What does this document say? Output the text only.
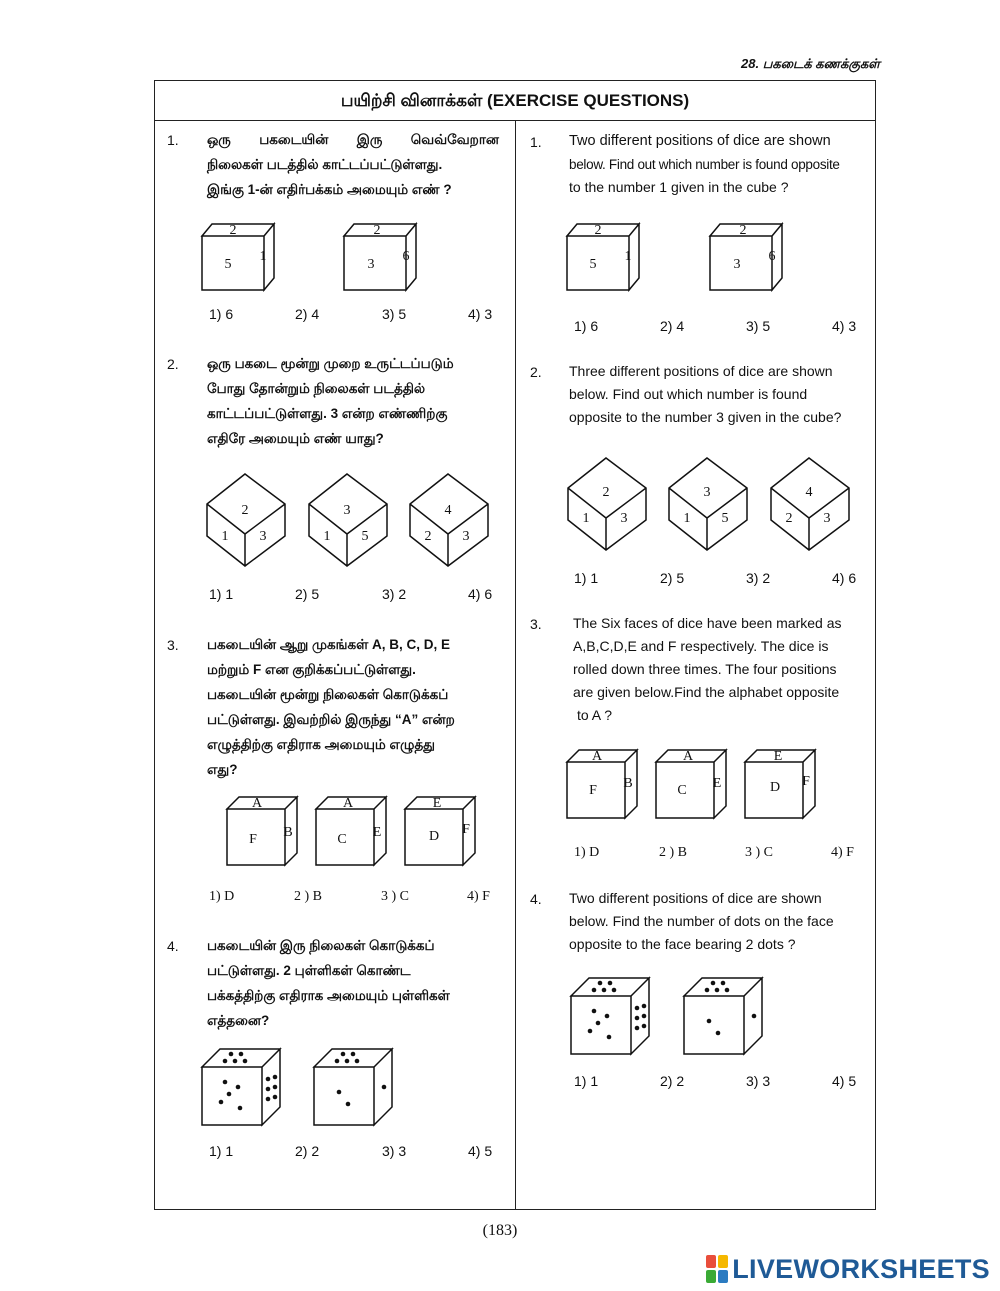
28. பகடைக் கணக்குகள்
பயிற்சி வினாக்கள் (EXERCISE QUESTIONS)
1. ஒரு பகடையின் இரு வெவ்வேறான

நிலைகள் படத்தில் காட்டப்பட்டுள்ளது.

இங்கு 1-ன் எதிர்பக்கம் அமையும் எண் ?

2
5
1
2
3
6
1) 6	2) 4	3) 5	4) 3
2. ஒரு பகடை மூன்று முறை உருட்டப்படும்

போது தோன்றும் நிலைகள் படத்தில்

காட்டப்பட்டுள்ளது. 3 என்ற எண்ணிற்கு

எதிரே அமையும் எண் யாது?

2
1 3
3
1 5
4
2 3
1) 1	2) 5	3) 2	4) 6
3. பகடையின் ஆறு முகங்கள் A, B, C, D, E

மற்றும் F என குறிக்கப்பட்டுள்ளது.

பகடையின் மூன்று நிலைகள் கொடுக்கப்

பட்டுள்ளது. இவற்றில் இருந்து “A” என்ற

எழுத்திற்கு எதிராக அமையும் எழுத்து

எது?

A
F B
A
C E
E
D F
1) D	2 ) B	3 ) C	4) F
4. பகடையின் இரு நிலைகள் கொடுக்கப்

பட்டுள்ளது. 2 புள்ளிகள் கொண்ட

பக்கத்திற்கு எதிராக அமையும் புள்ளிகள்

எத்தனை?

1) 1	2) 2	3) 3	4) 5
1. Two different positions of dice are shown

below. Find out which number is found opposite

to the number 1 given in the cube ?

2
5
1
2
3
6
1) 6	2) 4	3) 5	4) 3
2. Three different positions of dice are shown

below. Find out which number is found

opposite to the number 3 given in the cube?

2
1 3
3
1 5
4
2 3
1) 1	2) 5	3) 2	4) 6
3. The Six faces of dice have been marked as

A,B,C,D,E and F respectively. The dice is

rolled down three times. The four positions

are given below.Find the alphabet opposite

to A ?

A
F B
A
C E
E
D F
1) D	2 ) B	3 ) C	4) F
4. Two different positions of dice are shown

below. Find the number of dots on the face

opposite to the face bearing 2 dots ?

1) 1	2) 2	3) 3	4) 5
(183)
LIVEWORKSHEETS
